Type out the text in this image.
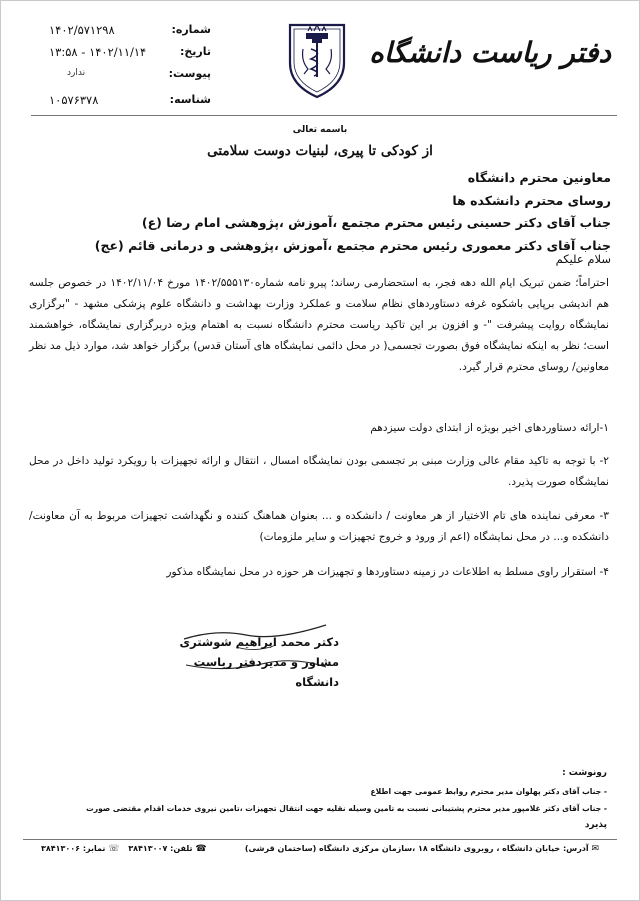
شماره:
۱۴۰۲/۵۷۱۲۹۸
تاریخ:
۱۴۰۲/۱۱/۱۴ - ۱۳:۵۸
پیوست:
ندارد
شناسه:
۱۰۵۷۶۳۷۸
دفتر ریاست دانشگاه
باسمه تعالی
از کودکی تا پیری، لبنیات دوست سلامتی
معاونین محترم دانشگاه
روسای محترم دانشکده ها
جناب آقای دکتر حسینی رئیس محترم مجتمع ،آموزش ،پژوهشی امام رضا (ع)
جناب آقای دکتر معموری رئیس محترم مجتمع ،آموزش ،پژوهشی و درمانی قائم (عج)
سلام علیکم
احتراماً؛ ضمن تبریک ایام الله دهه فجر، به استحضارمی رساند؛ پیرو نامه شماره۱۴۰۲/۵۵۵۱۳۰ مورخ ۱۴۰۲/۱۱/۰۴ در خصوص جلسه هم اندیشی برپایی باشکوه غرفه دستاوردهای نظام سلامت و عملکرد وزارت بهداشت و دانشگاه علوم پزشکی مشهد - "برگزاری نمایشگاه روایت پیشرفت "- و افزون بر این تاکید ریاست محترم دانشگاه نسبت به اهتمام ویژه دربرگزاری نمایشگاه، خواهشمند است؛ نظر به اینکه نمایشگاه فوق بصورت تجسمی( در محل دائمی نمایشگاه های آستان قدس) برگزار خواهد شد، موارد ذیل مد نظر معاونین/ روسای محترم قرار گیرد.
۱-ارائه دستاوردهای اخیر بویژه از ابتدای دولت سیزدهم
۲- با توجه به تاکید مقام عالی وزارت مبنی بر تجسمی بودن نمایشگاه امسال ، انتقال و ارائه تجهیزات با رویکرد تولید داخل در محل نمایشگاه صورت پذیرد.
۳- معرفی نماینده های تام الاختیار از هر معاونت / دانشکده و ... بعنوان هماهنگ کننده و نگهداشت تجهیزات مربوط به آن معاونت/ دانشکده و... در محل نمایشگاه (اعم از ورود و خروج تجهیزات و سایر ملزومات)
۴- استقرار راوی مسلط به اطلاعات در زمینه دستاوردها و تجهیزات هر حوزه در محل نمایشگاه مذکور
دکتر محمد ابراهیم شوشتری
مشاور و مدیردفتر ریاست دانشگاه
رونوشت :
- جناب آقای دکتر پهلوان مدیر محترم روابط عمومی جهت اطلاع
- جناب آقای دکتر غلامپور مدیر محترم پشتیبانی نسبت به تامین وسیله نقلیه جهت انتقال تجهیزات ،تامین نیروی خدمات اقدام مقتضی صورت
پذیرد
✉ آدرس: خیابان دانشگاه ، روبروی دانشگاه ۱۸ ،سازمان مرکزی دانشگاه (ساختمان قرشی)
☎ تلفن: ۳۸۴۱۳۰۰۷ ☏ نمابر: ۳۸۴۱۳۰۰۶
